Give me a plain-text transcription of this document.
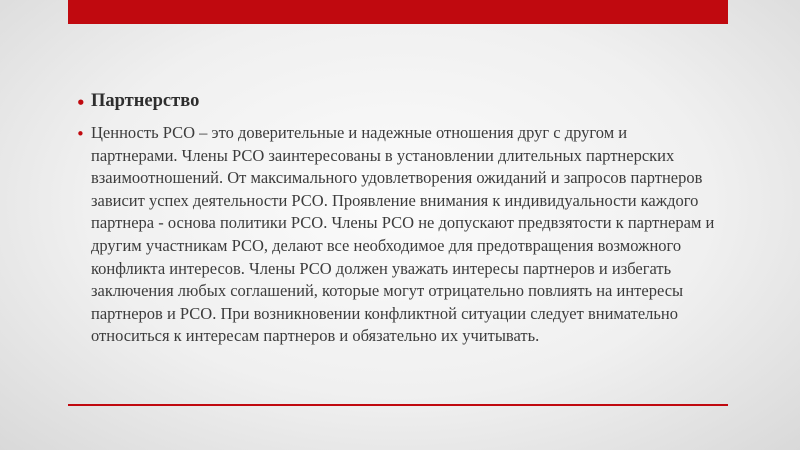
• Партнерство
• Ценность РСО – это доверительные и надежные отношения друг с другом и партнерами. Члены РСО заинтересованы в установлении длительных партнерских взаимоотношений. От максимального удовлетворения ожиданий и запросов партнеров зависит успех деятельности РСО. Проявление внимания к индивидуальности каждого партнера - основа политики РСО. Члены РСО не допускают предвзятости к партнерам и другим участникам РСО, делают все необходимое для предотвращения возможного конфликта интересов. Члены РСО должен уважать интересы партнеров и избегать заключения любых соглашений, которые могут отрицательно повлиять на интересы партнеров и РСО. При возникновении конфликтной ситуации следует внимательно относиться к интересам партнеров и обязательно их учитывать.
